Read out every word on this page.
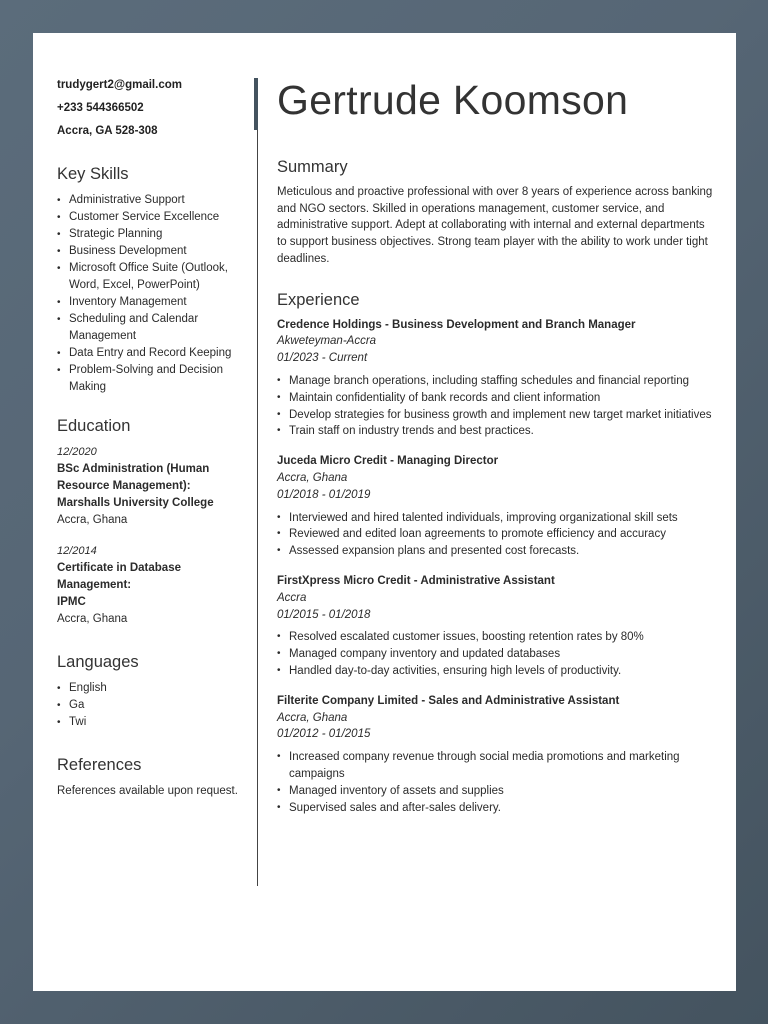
trudygert2@gmail.com
+233 544366502
Accra, GA 528-308
Key Skills
• Administrative Support
• Customer Service Excellence
• Strategic Planning
• Business Development
• Microsoft Office Suite (Outlook, Word, Excel, PowerPoint)
• Inventory Management
• Scheduling and Calendar Management
• Data Entry and Record Keeping
• Problem-Solving and Decision Making
Education
12/2020
BSc Administration (Human Resource Management):
Marshalls University College
Accra, Ghana
12/2014
Certificate in Database Management:
IPMC
Accra, Ghana
Languages
• English
• Ga
• Twi
References
References available upon request.
Gertrude Koomson
Summary

Meticulous and proactive professional with over 8 years of experience across banking and NGO sectors. Skilled in operations management, customer service, and administrative support. Adept at collaborating with internal and external departments to support business objectives. Strong team player with the ability to work under tight deadlines.

Experience
Credence Holdings - Business Development and Branch Manager
Akweteyman-Accra
01/2023 - Current
• Manage branch operations, including staffing schedules and financial reporting
• Maintain confidentiality of bank records and client information
• Develop strategies for business growth and implement new target market initiatives
• Train staff on industry trends and best practices.
Juceda Micro Credit - Managing Director
Accra, Ghana
01/2018 - 01/2019
• Interviewed and hired talented individuals, improving organizational skill sets
• Reviewed and edited loan agreements to promote efficiency and accuracy
• Assessed expansion plans and presented cost forecasts.
FirstXpress Micro Credit - Administrative Assistant
Accra
01/2015 - 01/2018
• Resolved escalated customer issues, boosting retention rates by 80%
• Managed company inventory and updated databases
• Handled day-to-day activities, ensuring high levels of productivity.
Filterite Company Limited - Sales and Administrative Assistant
Accra, Ghana
01/2012 - 01/2015
• Increased company revenue through social media promotions and marketing campaigns
• Managed inventory of assets and supplies
• Supervised sales and after-sales delivery.
